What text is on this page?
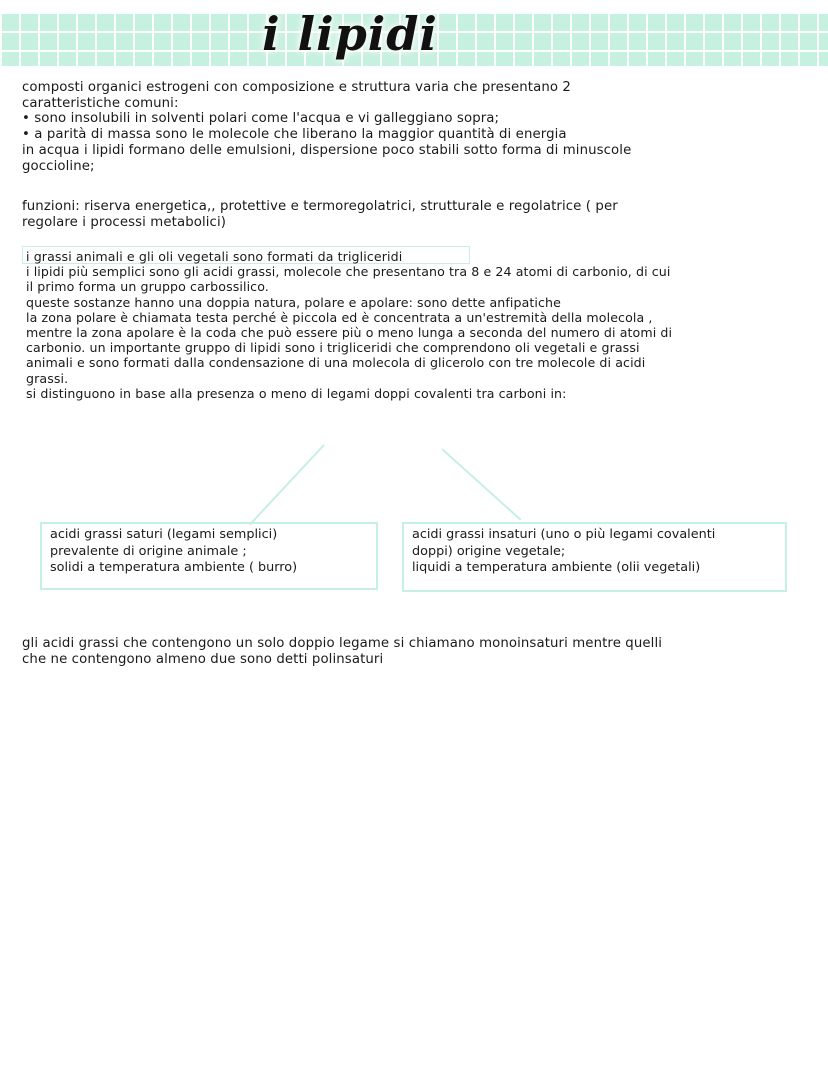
i lipidi
composti organici estrogeni con composizione e struttura varia che presentano 2
caratteristiche comuni:
• sono insolubili in solventi polari come l'acqua e vi galleggiano sopra;
• a parità di massa sono le molecole che liberano la maggior quantità di energia
in acqua i lipidi formano delle emulsioni, dispersione poco stabili sotto forma di minuscole
goccioline;
funzioni: riserva energetica,, protettive e termoregolatrici, strutturale e regolatrice ( per
regolare i processi metabolici)
i grassi animali e gli oli vegetali sono formati da trigliceridi
i lipidi più semplici sono gli acidi grassi, molecole che presentano tra 8 e 24 atomi di carbonio, di cui
il primo forma un gruppo carbossilico.
queste sostanze hanno una doppia natura, polare e apolare: sono dette anfipatiche
la zona polare è chiamata testa perché è piccola ed è concentrata a un'estremità della molecola ,
mentre la zona apolare è la coda che può essere più o meno lunga a seconda del numero di atomi di
carbonio. un importante gruppo di lipidi sono i trigliceridi che comprendono oli vegetali e grassi
animali e sono formati dalla condensazione di una molecola di glicerolo con tre molecole di acidi
grassi.
si distinguono in base alla presenza o meno di legami doppi covalenti tra carboni in:
acidi grassi saturi (legami semplici)
prevalente di origine animale ;
solidi a temperatura ambiente ( burro)
acidi grassi insaturi (uno o più legami covalenti
doppi) origine vegetale;
liquidi a temperatura ambiente (olii vegetali)
gli acidi grassi che contengono un solo doppio legame si chiamano monoinsaturi mentre quelli
che ne contengono almeno due sono detti polinsaturi
